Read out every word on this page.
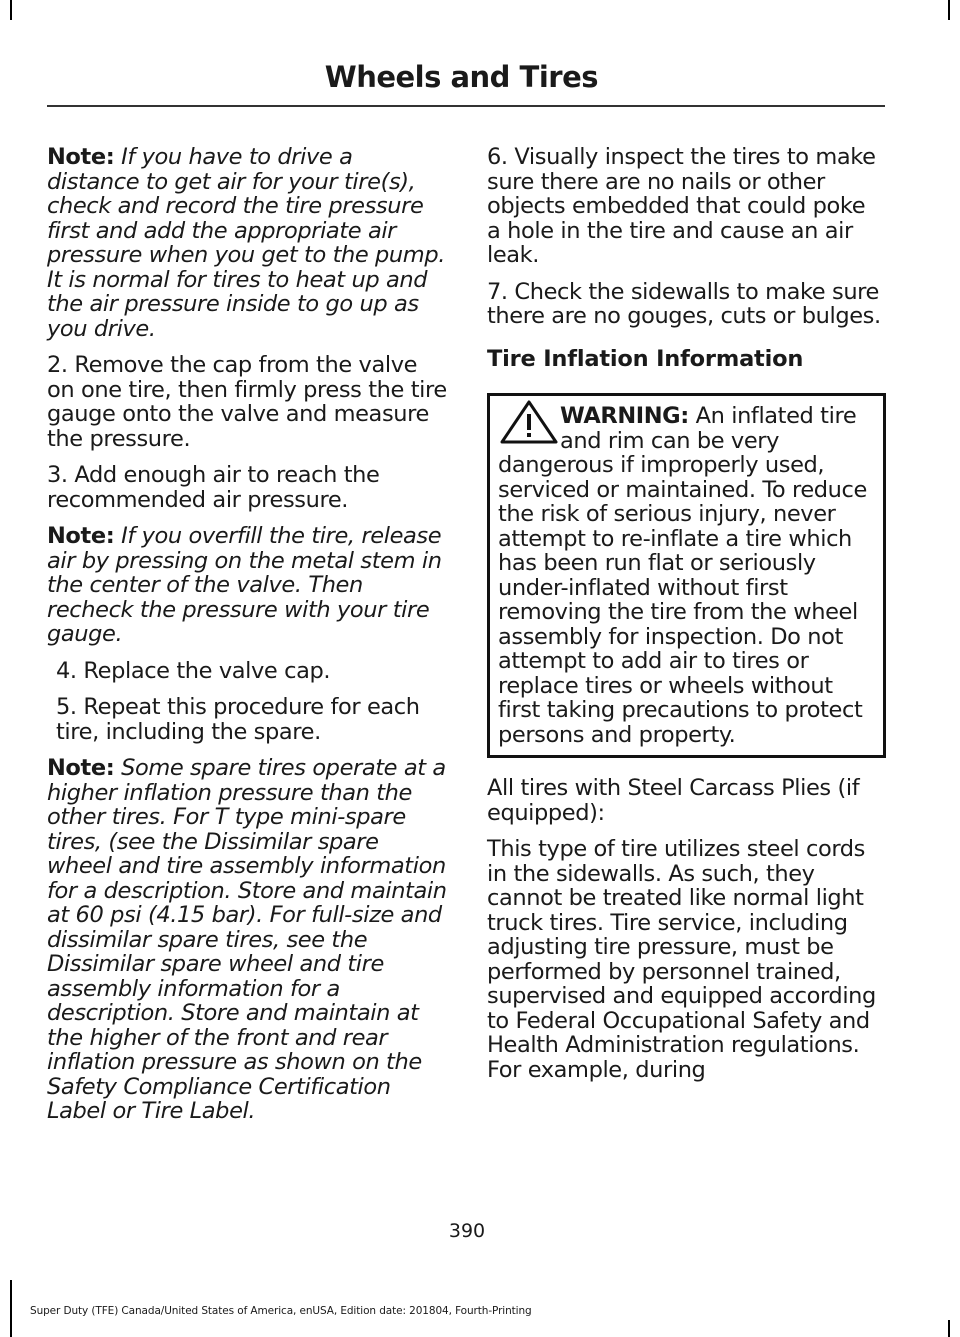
Wheels and Tires

Note: If you have to drive a distance to get air for your tire(s), check and record the tire pressure first and add the appropriate air pressure when you get to the pump. It is normal for tires to heat up and the air pressure inside to go up as you drive.

2. Remove the cap from the valve on one tire, then firmly press the tire gauge onto the valve and measure the pressure.

3. Add enough air to reach the recommended air pressure.

Note: If you overfill the tire, release air by pressing on the metal stem in the center of the valve. Then recheck the pressure with your tire gauge.

4. Replace the valve cap.

5. Repeat this procedure for each tire, including the spare.

Note: Some spare tires operate at a higher inflation pressure than the other tires. For T type mini-spare tires, (see the Dissimilar spare wheel and tire assembly information for a description. Store and maintain at 60 psi (4.15 bar). For full-size and dissimilar spare tires, see the Dissimilar spare wheel and tire assembly information for a description. Store and maintain at the higher of the front and rear inflation pressure as shown on the Safety Compliance Certification Label or Tire Label.

6. Visually inspect the tires to make sure there are no nails or other objects embedded that could poke a hole in the tire and cause an air leak.

7. Check the sidewalls to make sure there are no gouges, cuts or bulges.

Tire Inflation Information
WARNING: An inflated tire and rim can be very dangerous if improperly used, serviced or maintained. To reduce the risk of serious injury, never attempt to re-inflate a tire which has been run flat or seriously under-inflated without first removing the tire from the wheel assembly for inspection. Do not attempt to add air to tires or replace tires or wheels without first taking precautions to protect persons and property.

All tires with Steel Carcass Plies (if equipped):

This type of tire utilizes steel cords in the sidewalls. As such, they cannot be treated like normal light truck tires. Tire service, including adjusting tire pressure, must be performed by personnel trained, supervised and equipped according to Federal Occupational Safety and Health Administration regulations. For example, during

390
Super Duty (TFE) Canada/United States of America, enUSA, Edition date: 201804, Fourth-Printing
